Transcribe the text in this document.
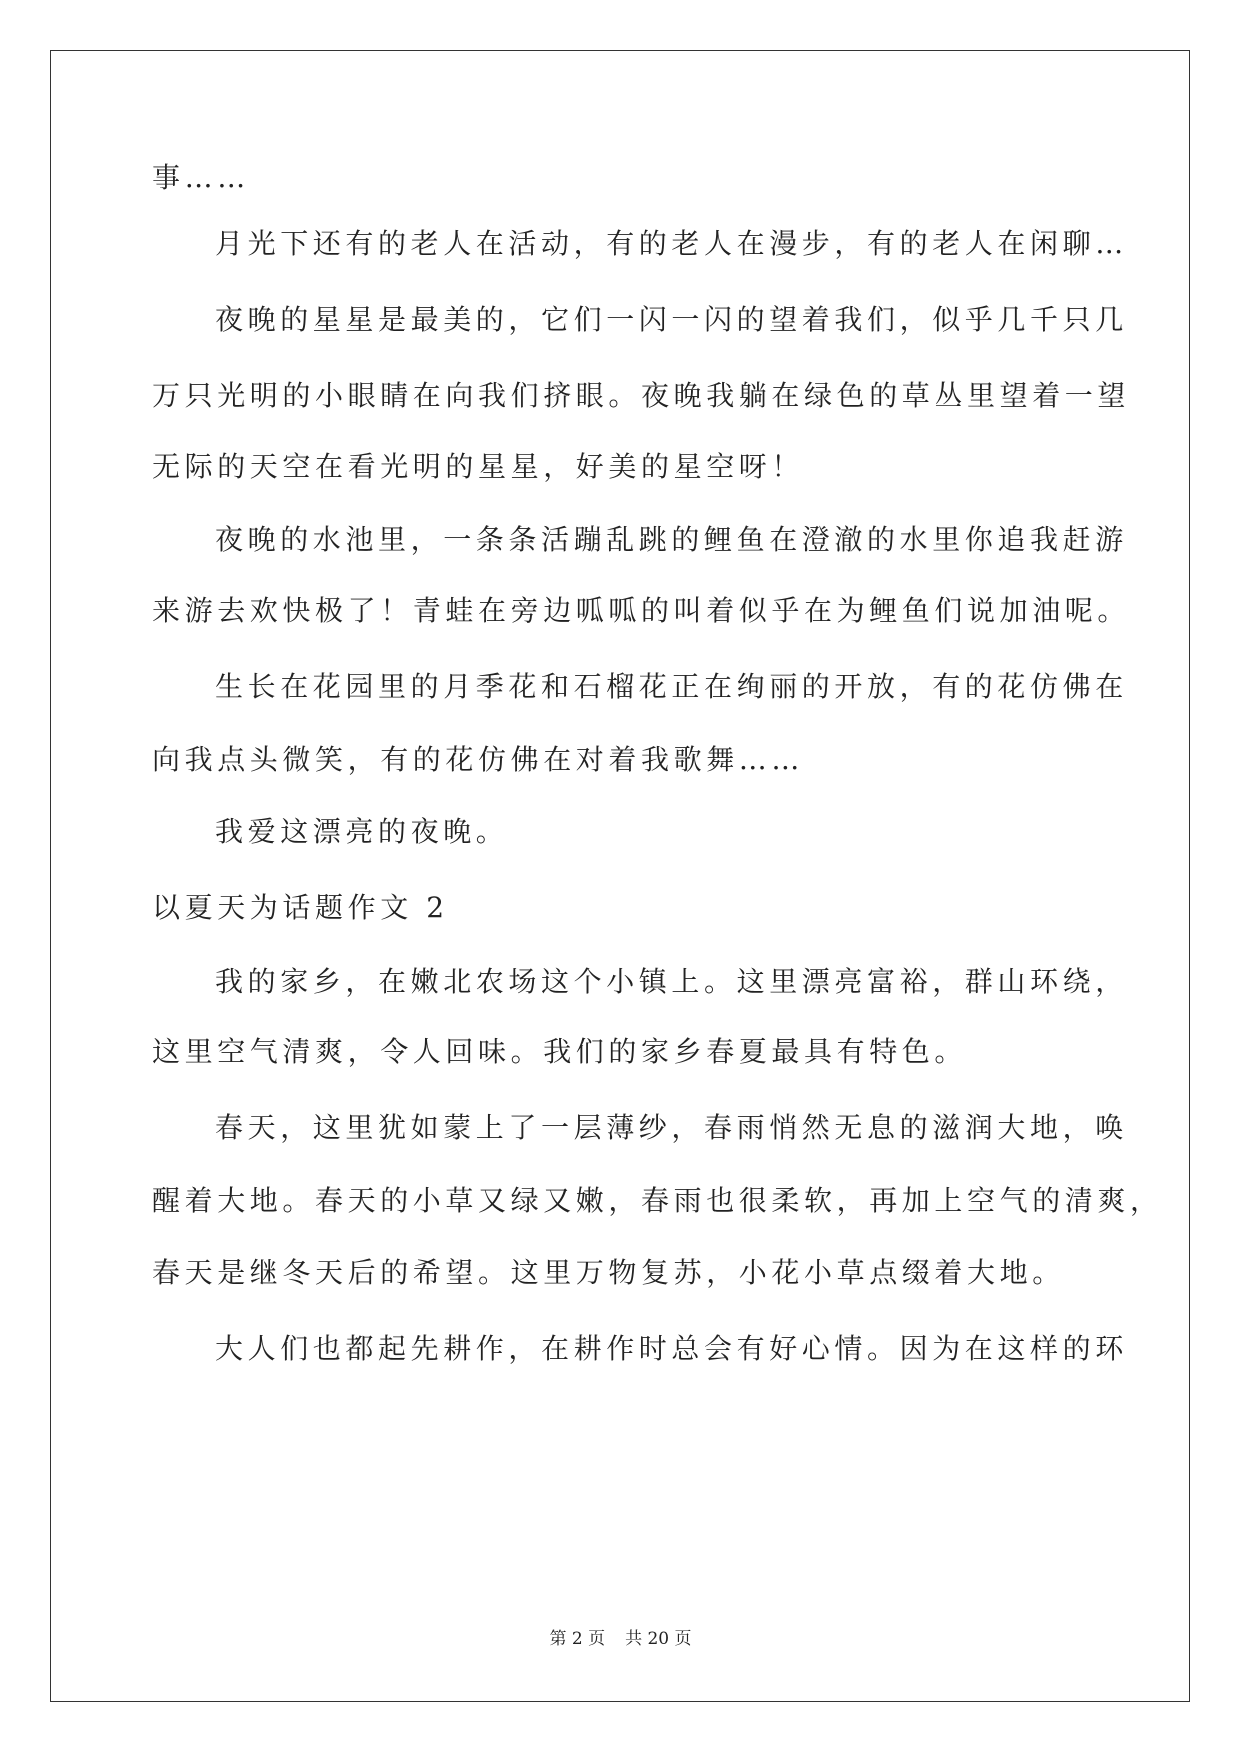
事……
月光下还有的老人在活动，有的老人在漫步，有的老人在闲聊…
夜晚的星星是最美的，它们一闪一闪的望着我们，似乎几千只几
万只光明的小眼睛在向我们挤眼。夜晚我躺在绿色的草丛里望着一望
无际的天空在看光明的星星，好美的星空呀！
夜晚的水池里，一条条活蹦乱跳的鲤鱼在澄澈的水里你追我赶游
来游去欢快极了！青蛙在旁边呱呱的叫着似乎在为鲤鱼们说加油呢。
生长在花园里的月季花和石榴花正在绚丽的开放，有的花仿佛在
向我点头微笑，有的花仿佛在对着我歌舞……
我爱这漂亮的夜晚。
以夏天为话题作文 2
我的家乡，在嫩北农场这个小镇上。这里漂亮富裕，群山环绕，
这里空气清爽，令人回味。我们的家乡春夏最具有特色。
春天，这里犹如蒙上了一层薄纱，春雨悄然无息的滋润大地，唤
醒着大地。春天的小草又绿又嫩，春雨也很柔软，再加上空气的清爽，
春天是继冬天后的希望。这里万物复苏，小花小草点缀着大地。
大人们也都起先耕作，在耕作时总会有好心情。因为在这样的环
第 2 页 共 20 页
